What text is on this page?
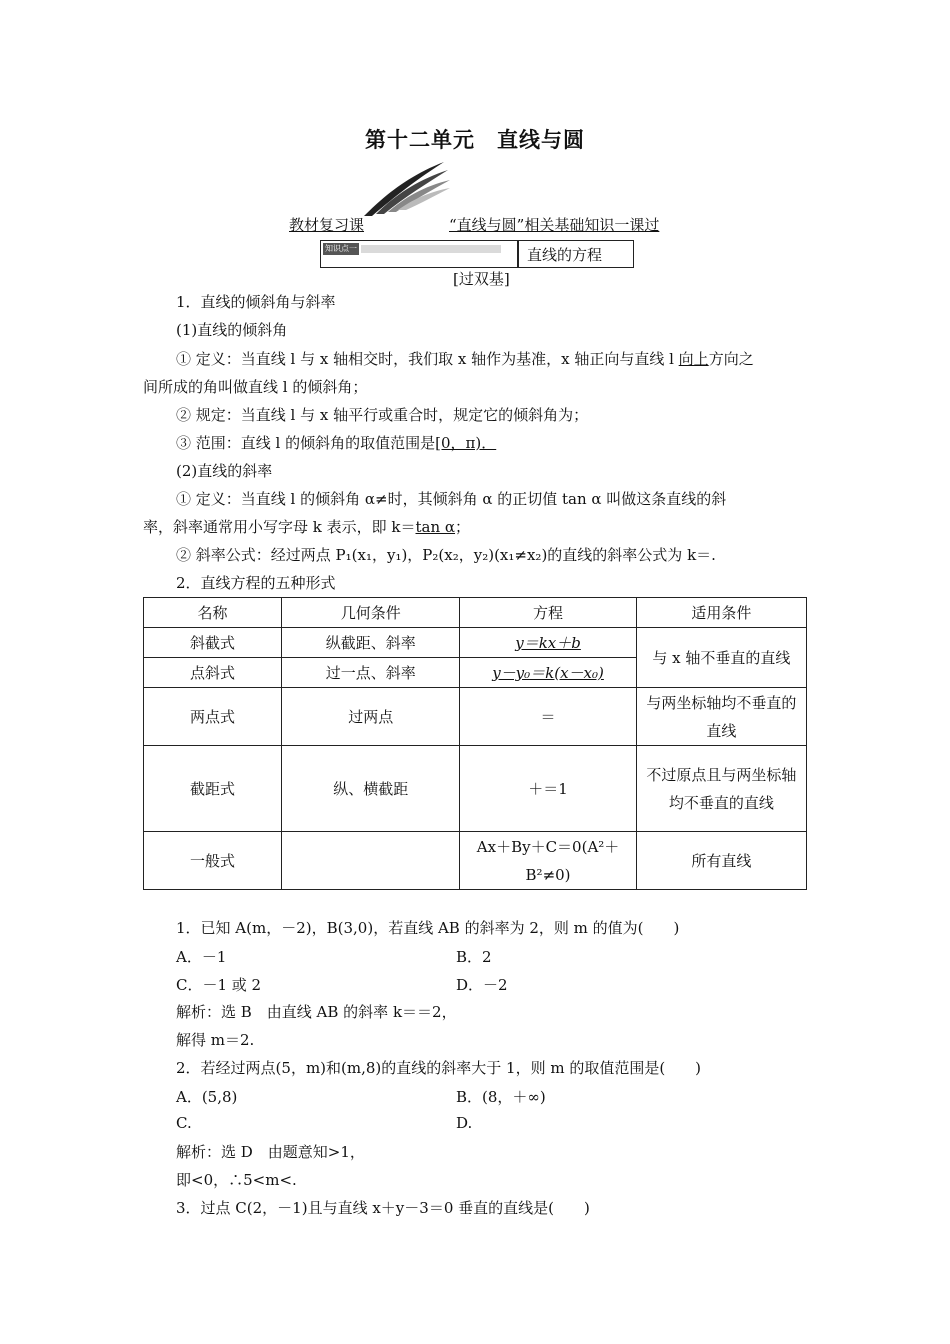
第十二单元　直线与圆
教材复习课	“直线与圆”相关基础知识一课过
知识点一	直线的方程
[过双基]
1．直线的倾斜角与斜率
(1)直线的倾斜角
① 定义：当直线 l 与 x 轴相交时，我们取 x 轴作为基准，x 轴正向与直线 l 向上方向之
间所成的角叫做直线 l 的倾斜角；
② 规定：当直线 l 与 x 轴平行或重合时，规定它的倾斜角为；
③ 范围：直线 l 的倾斜角的取值范围是[0，π)．
(2)直线的斜率
① 定义：当直线 l 的倾斜角 α≠时，其倾斜角 α 的正切值 tan α 叫做这条直线的斜
率，斜率通常用小写字母 k 表示，即 k＝tan α；
② 斜率公式：经过两点 P₁(x₁，y₁)，P₂(x₂，y₂)(x₁≠x₂)的直线的斜率公式为 k＝.
2．直线方程的五种形式
名称	几何条件	方程	适用条件
斜截式	纵截距、斜率	y＝kx＋b	与 x 轴不垂直的直线
点斜式	过一点、斜率	y－y₀＝k(x－x₀)	
两点式	过两点	＝	与两坐标轴均不垂直的直线
截距式	纵、横截距	＋＝1	不过原点且与两坐标轴均不垂直的直线
一般式		Ax＋By＋C＝0(A²＋B²≠0)	所有直线
1．已知 A(m，－2)，B(3,0)，若直线 AB 的斜率为 2，则 m 的值为(　　)
A．－1	B．2
C．－1 或 2	D．－2
解析：选 B　由直线 AB 的斜率 k＝＝2，
解得 m＝2.
2．若经过两点(5，m)和(m,8)的直线的斜率大于 1，则 m 的取值范围是(　　)
A．(5,8)	B．(8，＋∞)
C.	D.
解析：选 D　由题意知>1，
即<0，∴5<m<.
3．过点 C(2，－1)且与直线 x＋y－3＝0 垂直的直线是(　　)
